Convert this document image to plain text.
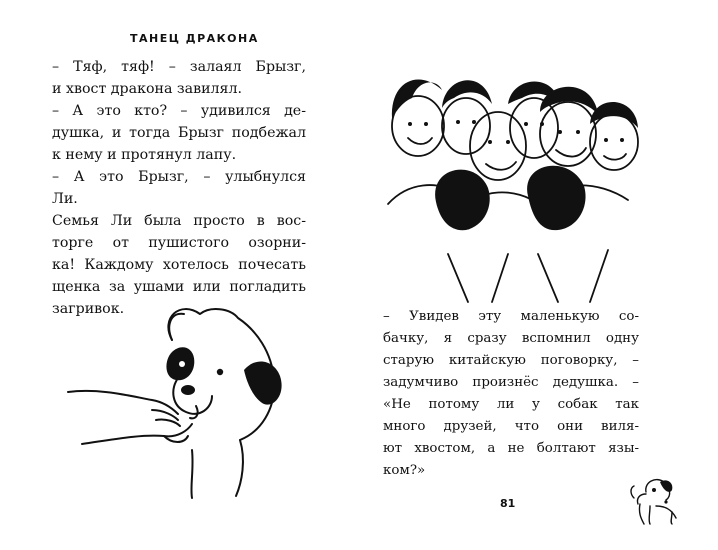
ТАНЕЦ ДРАКОНА
– Тяф, тяф! – залаял Брызг,
и хвост дракона завилял.
– А это кто? – удивился де-
душка, и тогда Брызг подбежал
к нему и протянул лапу.
– А это Брызг, – улыбнулся
Ли.
Семья Ли была просто в вос-
торге от пушистого озорни-
ка! Каждому хотелось почесать
щенка за ушами или погладить
загривок.	– Увидев эту маленькую со-
бачку, я сразу вспомнил одну
старую китайскую поговорку, –
задумчиво произнёс дедушка. –
«Не потому ли у собак так
много друзей, что они виля-
ют хвостом, а не болтают язы-
ком?»
81
